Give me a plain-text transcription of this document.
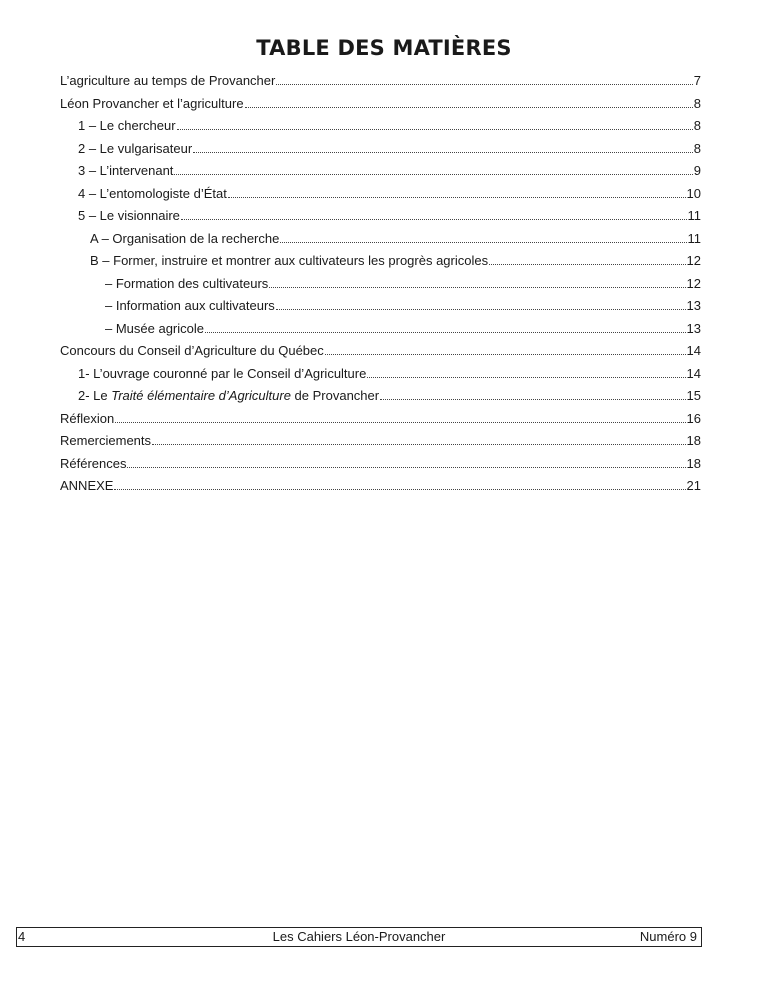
TABLE DES MATIÈRES
L’agriculture au temps de Provancher	7
Léon Provancher et l’agriculture	8
1 – Le chercheur	8
2 – Le vulgarisateur	8
3 – L’intervenant	9
4 – L’entomologiste d’État	10
5 – Le visionnaire	11
A – Organisation de la recherche	11
B – Former, instruire et montrer aux cultivateurs les progrès agricoles	12
– Formation des cultivateurs	12
– Information aux cultivateurs	13
– Musée agricole	13
Concours du Conseil d’Agriculture du Québec	14
1- L’ouvrage couronné par le Conseil d’Agriculture	14
2- Le Traité élémentaire d’Agriculture de Provancher	15
Réflexion	16
Remerciements	18
Références	18
ANNEXE	21
4	Les Cahiers Léon-Provancher	Numéro 9
